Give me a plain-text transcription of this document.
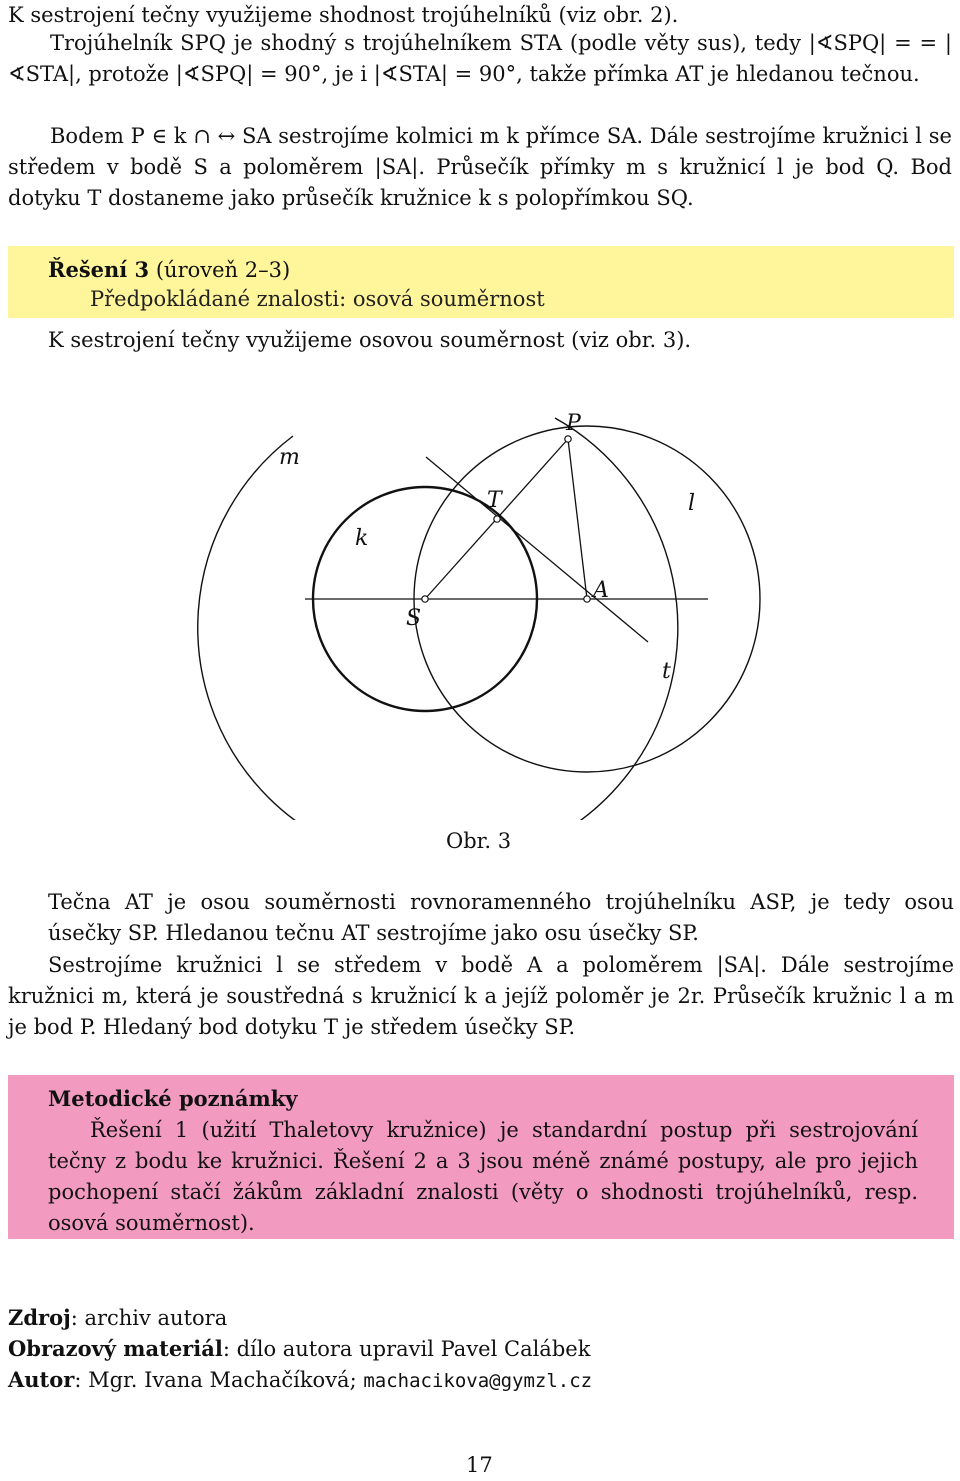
K sestrojení tečny využijeme shodnost trojúhelníků (viz obr. 2).
Trojúhelník SPQ je shodný s trojúhelníkem STA (podle věty sus), tedy |∢SPQ| = = |∢STA|, protože |∢SPQ| = 90°, je i |∢STA| = 90°, takže přímka AT je hledanou tečnou.
Bodem P ∈ k ∩ ↔ SA sestrojíme kolmici m k přímce SA. Dále sestrojíme kružnici l se středem v bodě S a poloměrem |SA|. Průsečík přímky m s kružnicí l je bod Q. Bod dotyku T dostaneme jako průsečík kružnice k s polopřímkou SQ.
Řešení 3 (úroveň 2–3)
Předpokládané znalosti: osová souměrnost
K sestrojení tečny využijeme osovou souměrnost (viz obr. 3).
m
P
T	l
k
A
S
t
Obr. 3
Tečna AT je osou souměrnosti rovnoramenného trojúhelníku ASP, je tedy osou úsečky SP. Hledanou tečnu AT sestrojíme jako osu úsečky SP.
Sestrojíme kružnici l se středem v bodě A a poloměrem |SA|. Dále sestrojíme kružnici m, která je soustředná s kružnicí k a jejíž poloměr je 2r. Průsečík kružnic l a m je bod P. Hledaný bod dotyku T je středem úsečky SP.
Metodické poznámky
Řešení 1 (užití Thaletovy kružnice) je standardní postup při sestrojování tečny z bodu ke kružnici. Řešení 2 a 3 jsou méně známé postupy, ale pro jejich pochopení stačí žákům základní znalosti (věty o shodnosti trojúhelníků, resp. osová souměrnost).
Zdroj: archiv autora
Obrazový materiál: dílo autora upravil Pavel Calábek
Autor: Mgr. Ivana Machačíková; machacikova@gymzl.cz
17
